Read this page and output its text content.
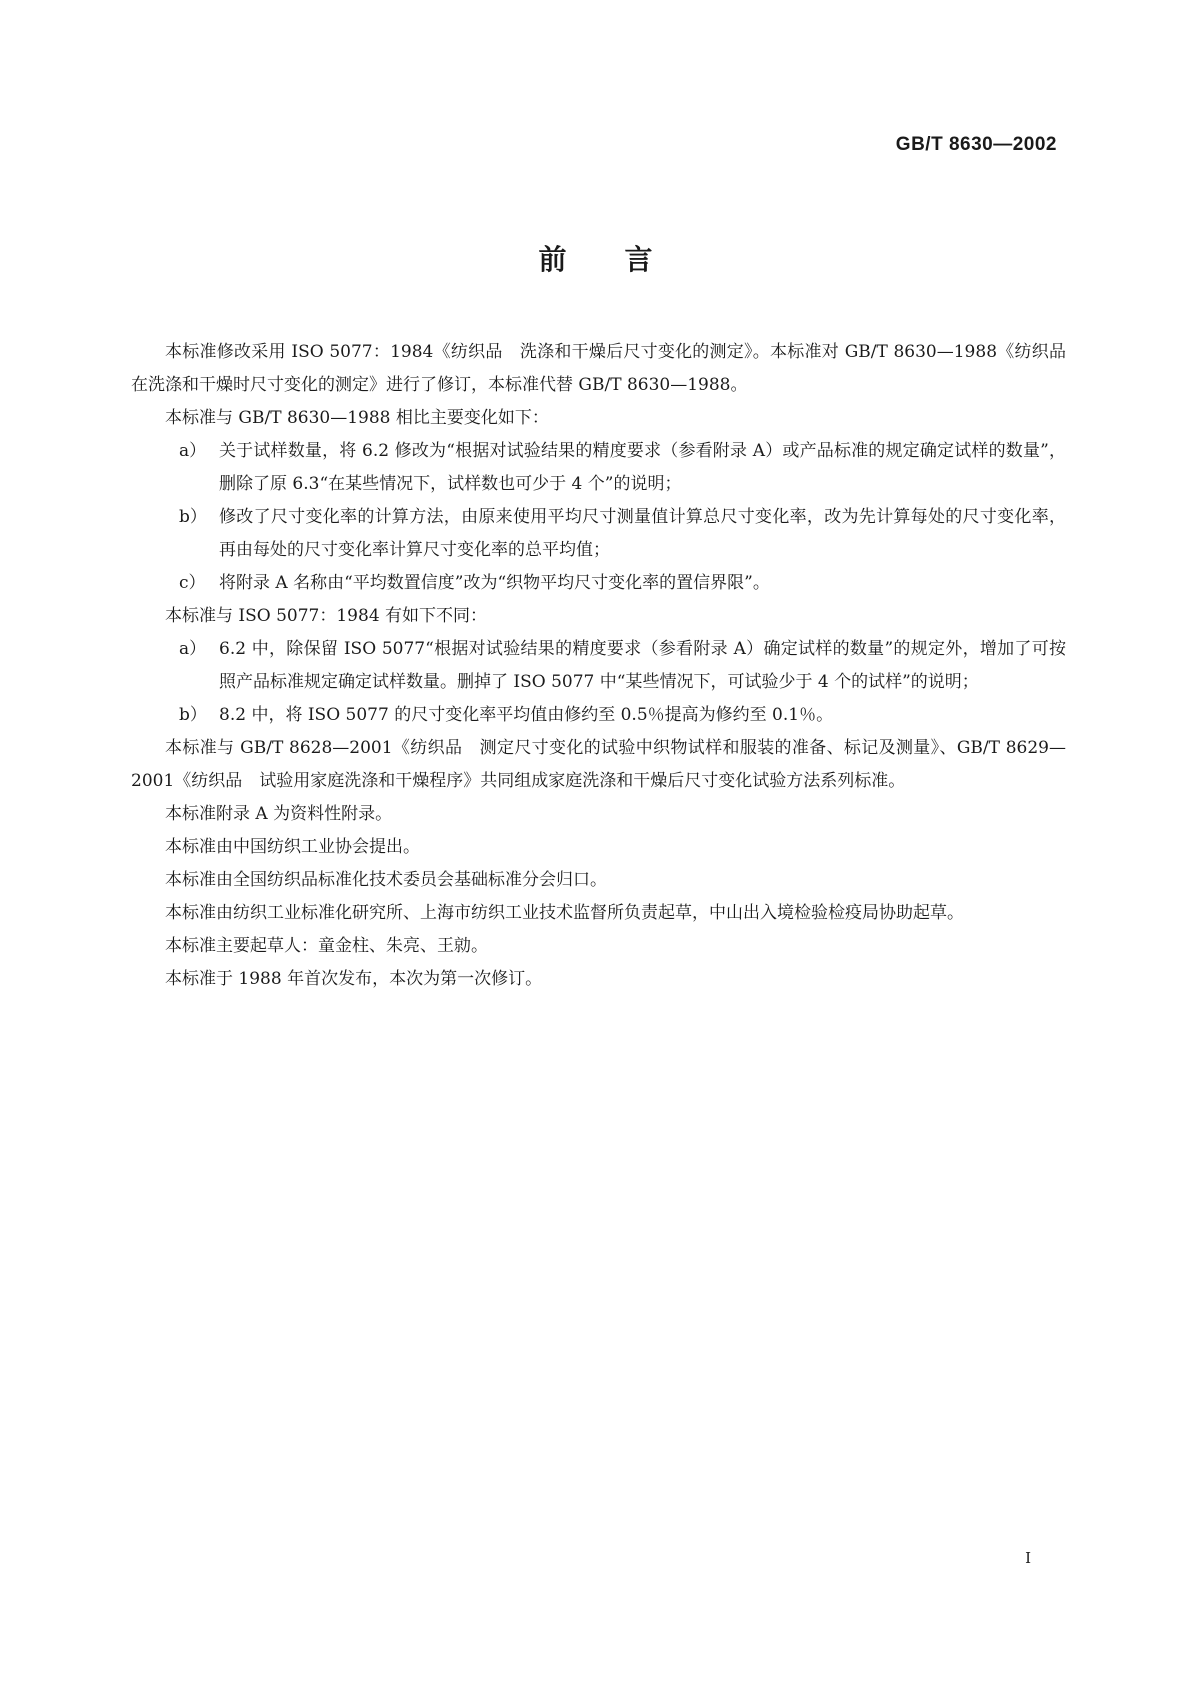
GB/T 8630—2002
前言

本标准修改采用 ISO 5077：1984《纺织品　洗涤和干燥后尺寸变化的测定》。本标准对 GB/T 8630—1988《纺织品在洗涤和干燥时尺寸变化的测定》进行了修订，本标准代替 GB/T 8630—1988。

本标准与 GB/T 8630—1988 相比主要变化如下：

a） 关于试样数量，将 6.2 修改为“根据对试验结果的精度要求（参看附录 A）或产品标准的规定确定试样的数量”，删除了原 6.3“在某些情况下，试样数也可少于 4 个”的说明；

b） 修改了尺寸变化率的计算方法，由原来使用平均尺寸测量值计算总尺寸变化率，改为先计算每处的尺寸变化率，再由每处的尺寸变化率计算尺寸变化率的总平均值；

c） 将附录 A 名称由“平均数置信度”改为“织物平均尺寸变化率的置信界限”。

本标准与 ISO 5077：1984 有如下不同：

a） 6.2 中，除保留 ISO 5077“根据对试验结果的精度要求（参看附录 A）确定试样的数量”的规定外，增加了可按照产品标准规定确定试样数量。删掉了 ISO 5077 中“某些情况下，可试验少于 4 个的试样”的说明；

b） 8.2 中，将 ISO 5077 的尺寸变化率平均值由修约至 0.5％提高为修约至 0.1％。

本标准与 GB/T 8628—2001《纺织品　测定尺寸变化的试验中织物试样和服装的准备、标记及测量》、GB/T 8629—2001《纺织品　试验用家庭洗涤和干燥程序》共同组成家庭洗涤和干燥后尺寸变化试验方法系列标准。

本标准附录 A 为资料性附录。

本标准由中国纺织工业协会提出。

本标准由全国纺织品标准化技术委员会基础标准分会归口。

本标准由纺织工业标准化研究所、上海市纺织工业技术监督所负责起草，中山出入境检验检疫局协助起草。

本标准主要起草人：童金柱、朱亮、王勍。

本标准于 1988 年首次发布，本次为第一次修订。

I
